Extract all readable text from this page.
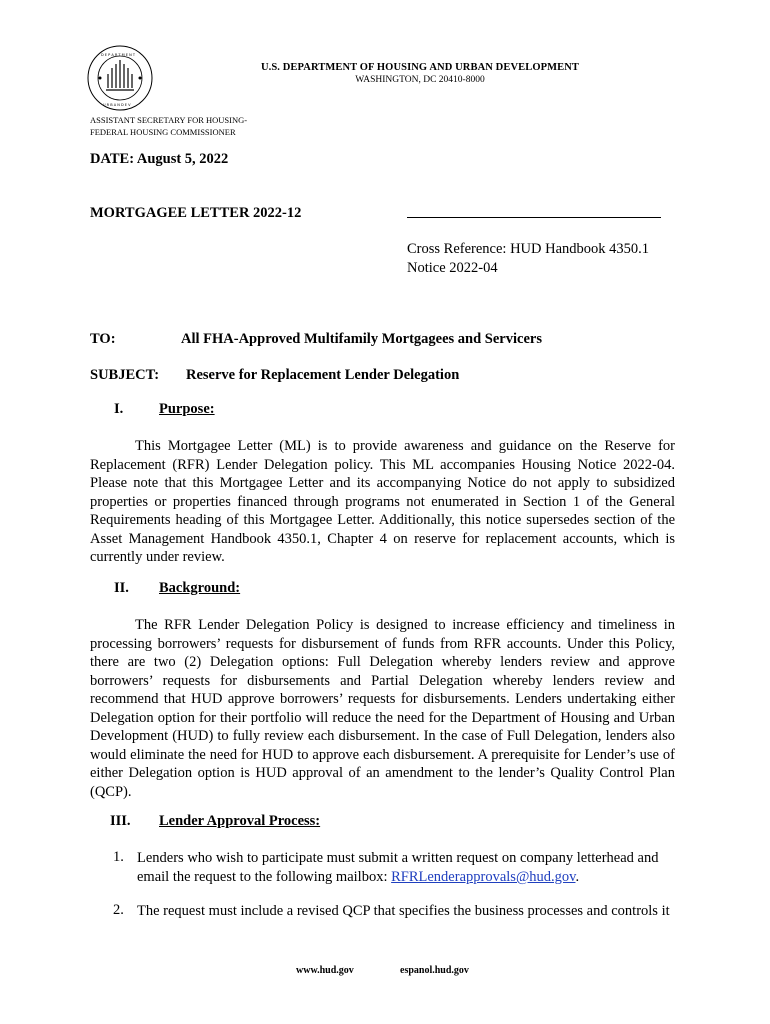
D E P A R T M E N T
U R B A N D E V
U.S. DEPARTMENT OF HOUSING AND URBAN DEVELOPMENT
WASHINGTON, DC 20410-8000
ASSISTANT SECRETARY FOR HOUSING-
FEDERAL HOUSING COMMISSIONER
DATE: August 5, 2022
MORTGAGEE LETTER 2022-12
Cross Reference: HUD Handbook 4350.1
Notice 2022-04
TO:	All FHA-Approved Multifamily Mortgagees and Servicers
SUBJECT: Reserve for Replacement Lender Delegation
I. Purpose:

This Mortgagee Letter (ML) is to provide awareness and guidance on the Reserve for Replacement (RFR) Lender Delegation policy. This ML accompanies Housing Notice 2022-04. Please note that this Mortgagee Letter and its accompanying Notice do not apply to subsidized properties or properties financed through programs not enumerated in Section 1 of the General Requirements heading of this Mortgagee Letter. Additionally, this notice supersedes section of the Asset Management Handbook 4350.1, Chapter 4 on reserve for replacement accounts, which is currently under review.

II. Background:

The RFR Lender Delegation Policy is designed to increase efficiency and timeliness in processing borrowers’ requests for disbursement of funds from RFR accounts. Under this Policy, there are two (2) Delegation options: Full Delegation whereby lenders review and approve borrowers’ requests for disbursements and Partial Delegation whereby lenders review and recommend that HUD approve borrowers’ requests for disbursements. Lenders undertaking either Delegation option for their portfolio will reduce the need for the Department of Housing and Urban Development (HUD) to fully review each disbursement. In the case of Full Delegation, lenders also would eliminate the need for HUD to approve each disbursement. A prerequisite for Lender’s use of either Delegation option is HUD approval of an amendment to the lender’s Quality Control Plan (QCP).

III. Lender Approval Process:
1. Lenders who wish to participate must submit a written request on company letterhead and email the request to the following mailbox: RFRLenderapprovals@hud.gov.

2. The request must include a revised QCP that specifies the business processes and controls it

www.hud.gov	espanol.hud.gov
